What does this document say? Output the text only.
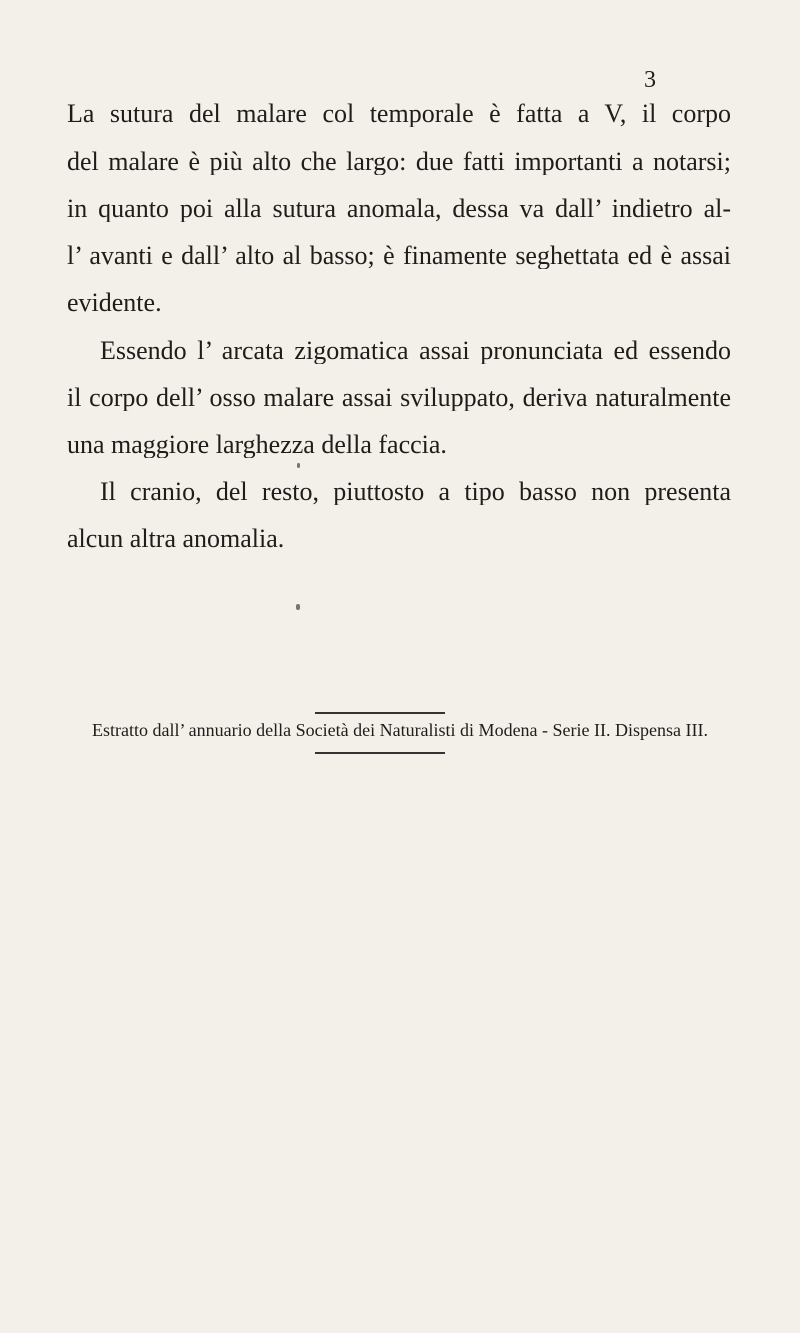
3
La sutura del malare col temporale è fatta a V, il corpo
del malare è più alto che largo: due fatti importanti a notarsi;
in quanto poi alla sutura anomala, dessa va dall’ indietro al-
l’ avanti e dall’ alto al basso; è finamente seghettata ed è assai
evidente.
Essendo l’ arcata zigomatica assai pronunciata ed essendo
il corpo dell’ osso malare assai sviluppato, deriva naturalmente
una maggiore larghezza della faccia.
Il cranio, del resto, piuttosto a tipo basso non presenta
alcun altra anomalia.
Estratto dall’ annuario della Società dei Naturalisti di Modena - Serie II. Dispensa III.
